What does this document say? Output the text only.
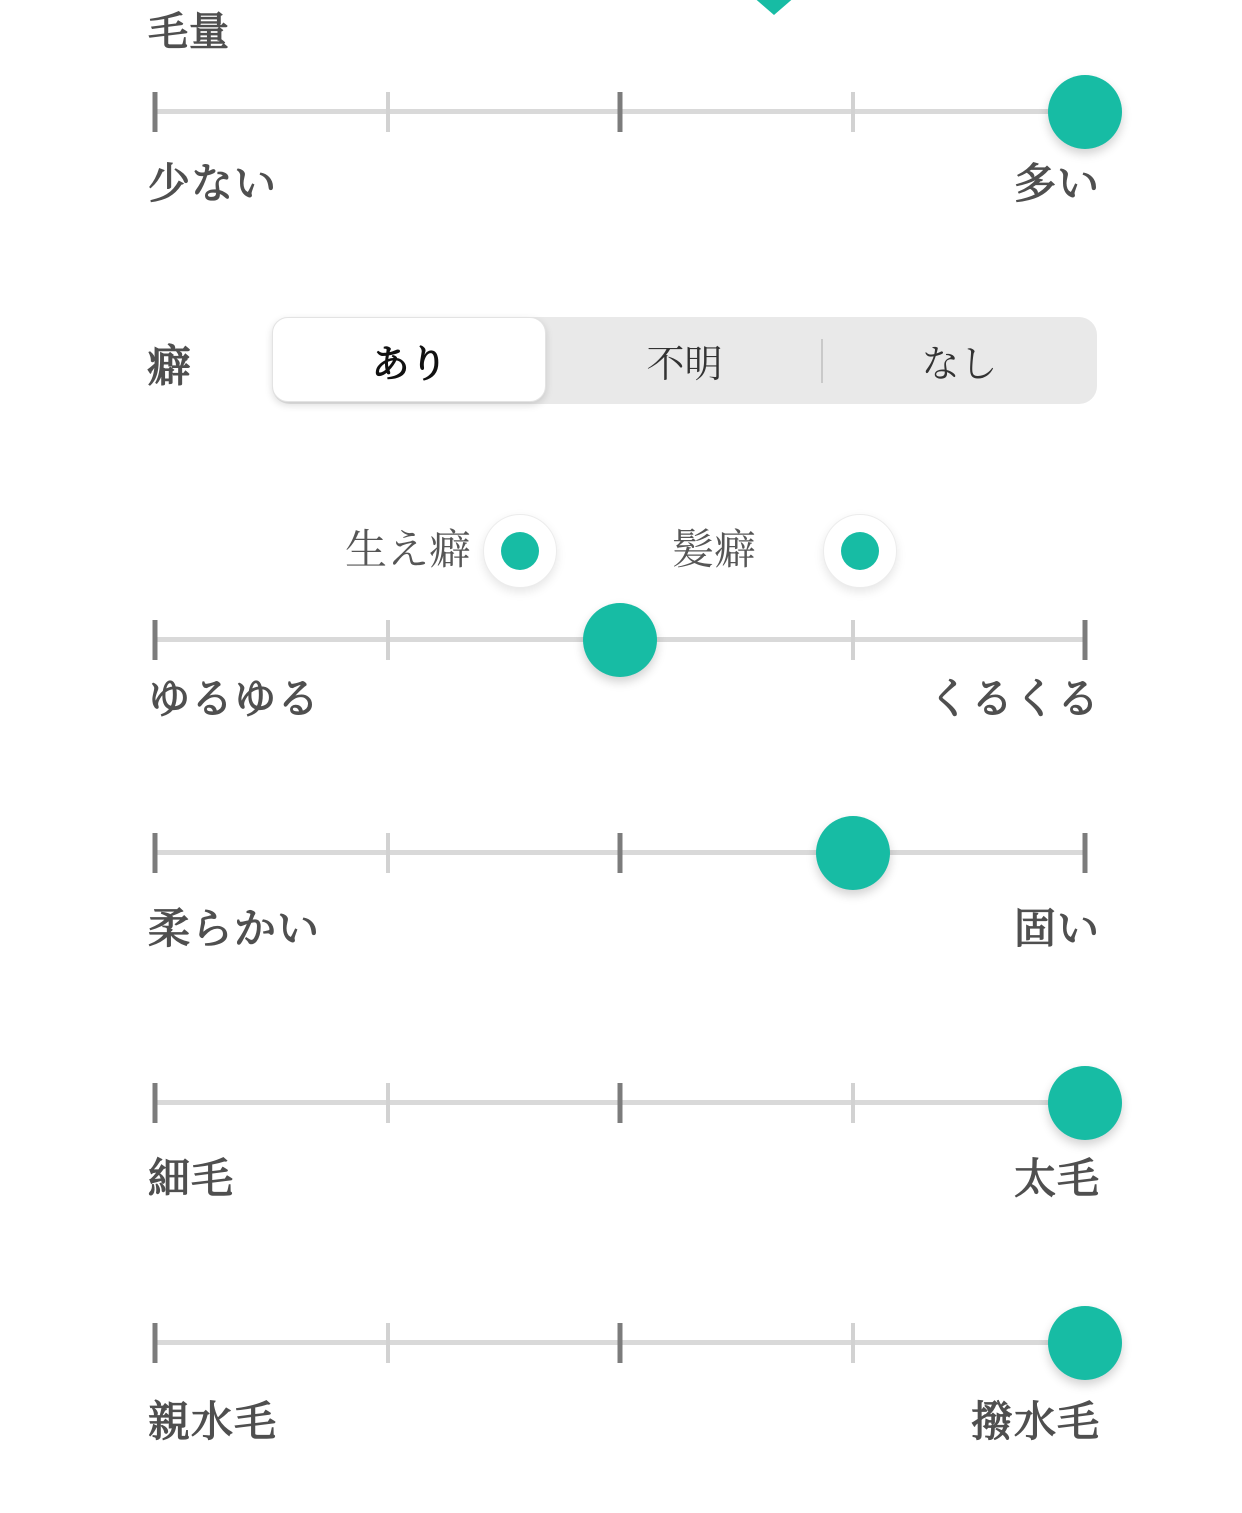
毛量
少ない	多い
癖	あり	不明	なし
生え癖	髪癖
ゆるゆる	くるくる
柔らかい	固い
細毛	太毛
親水毛	撥水毛
